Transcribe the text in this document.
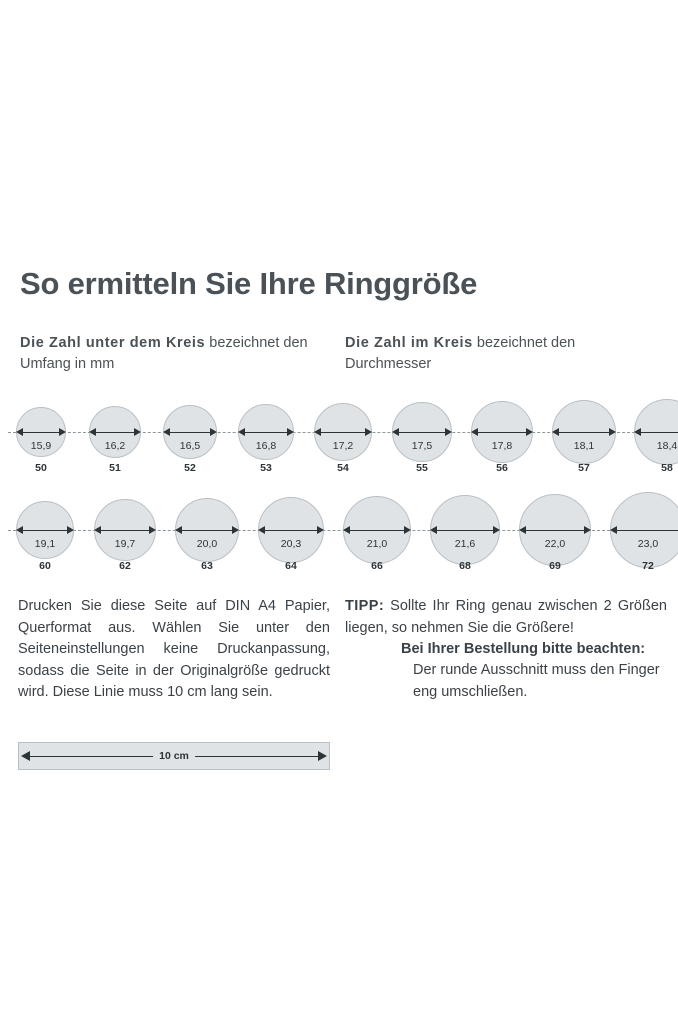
So ermitteln Sie Ihre Ringgröße
Die Zahl unter dem Kreis bezeichnet den Umfang in mm
Die Zahl im Kreis bezeichnet den Durchmesser
15,9
50
16,2
51
16,5
52
16,8
53
17,2
54
17,5
55
17,8
56
18,1
57
18,4
58
19,1
60
19,7
62
20,0
63
20,3
64
21,0
66
21,6
68
22,0
69
23,0
72

Drucken Sie diese Seite auf DIN A4 Papier, Querformat aus. Wählen Sie unter den Seiteneinstellungen keine Druckanpassung, sodass die Seite in der Originalgröße gedruckt wird. Diese Linie muss 10 cm lang sein.

10 cm

TIPP: Sollte Ihr Ring genau zwischen 2 Größen liegen, so nehmen Sie die Größere!

Bei Ihrer Bestellung bitte beachten:

Der runde Ausschnitt muss den Finger eng umschließen.
